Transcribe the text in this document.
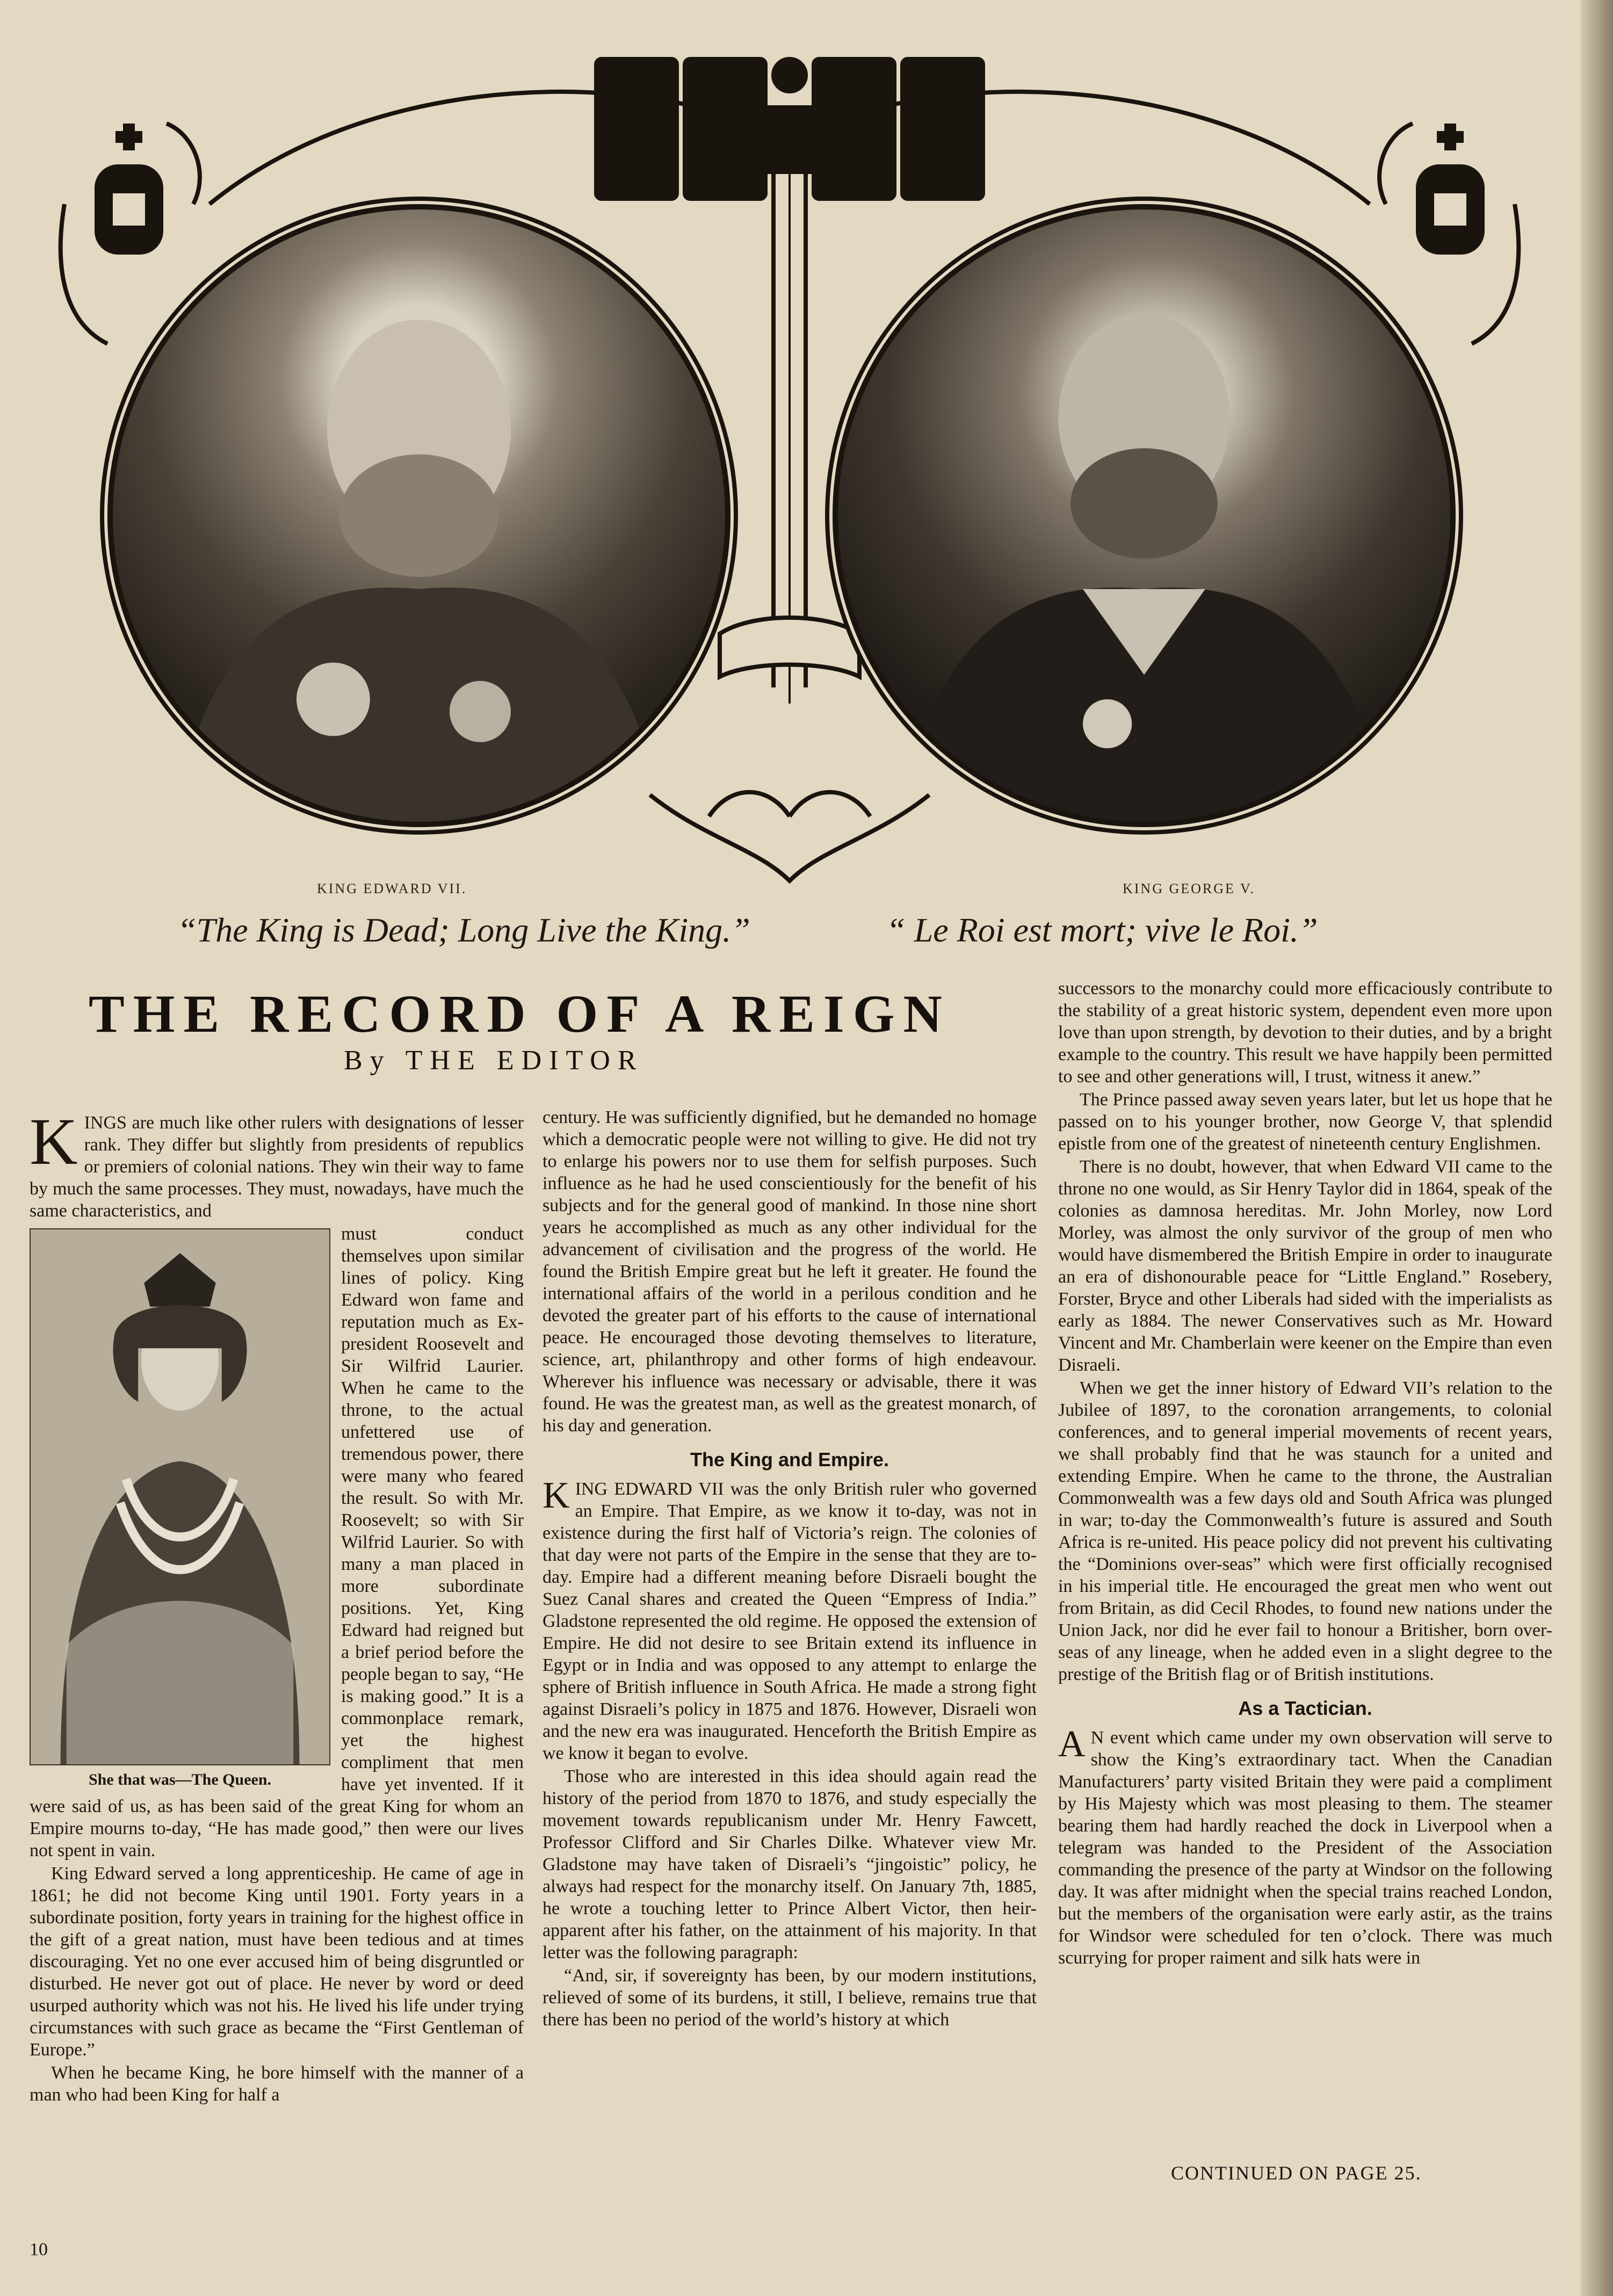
KING EDWARD VII.	KING GEORGE V.
“The King is Dead; Long Live the King.”	“ Le Roi est mort; vive le Roi.”
THE RECORD OF A REIGN
By THE EDITOR

K INGS are much like other rulers with designations of lesser rank. They differ but slightly from presidents of republics or premiers of colonial nations. They win their way to fame by much the same processes. They must, nowadays, have much the same characteristics, and

She that was—The Queen.

must conduct themselves upon similar lines of policy. King Edward won fame and reputation much as Ex-president Roosevelt and Sir Wilfrid Laurier. When he came to the throne, to the actual unfettered use of tremendous power, there were many who feared the result. So with Mr. Roosevelt; so with Sir Wilfrid Laurier. So with many a man placed in more subordinate positions. Yet, King Edward had reigned but a brief period before the people began to say, “He is making good.” It is a commonplace remark, yet the highest compliment that men have yet invented. If it were said of us, as has been said of the great King for whom an Empire mourns to-day, “He has made good,” then were our lives not spent in vain.

King Edward served a long apprenticeship. He came of age in 1861; he did not become King until 1901. Forty years in a subordinate position, forty years in training for the highest office in the gift of a great nation, must have been tedious and at times discouraging. Yet no one ever accused him of being disgruntled or disturbed. He never got out of place. He never by word or deed usurped authority which was not his. He lived his life under trying circumstances with such grace as became the “First Gentleman of Europe.”

When he became King, he bore himself with the manner of a man who had been King for half a

century. He was sufficiently dignified, but he demanded no homage which a democratic people were not willing to give. He did not try to enlarge his powers nor to use them for selfish purposes. Such influence as he had he used conscientiously for the benefit of his subjects and for the general good of mankind. In those nine short years he accomplished as much as any other individual for the advancement of civilisation and the progress of the world. He found the British Empire great but he left it greater. He found the international affairs of the world in a perilous condition and he devoted the greater part of his efforts to the cause of international peace. He encouraged those devoting themselves to literature, science, art, philanthropy and other forms of high endeavour. Wherever his influence was necessary or advisable, there it was found. He was the greatest man, as well as the greatest monarch, of his day and generation.

The King and Empire.

K ING EDWARD VII was the only British ruler who governed an Empire. That Empire, as we know it to-day, was not in existence during the first half of Victoria’s reign. The colonies of that day were not parts of the Empire in the sense that they are to-day. Empire had a different meaning before Disraeli bought the Suez Canal shares and created the Queen “Empress of India.” Gladstone represented the old regime. He opposed the extension of Empire. He did not desire to see Britain extend its influence in Egypt or in India and was opposed to any attempt to enlarge the sphere of British influence in South Africa. He made a strong fight against Disraeli’s policy in 1875 and 1876. However, Disraeli won and the new era was inaugurated. Henceforth the British Empire as we know it began to evolve.

Those who are interested in this idea should again read the history of the period from 1870 to 1876, and study especially the movement towards republicanism under Mr. Henry Fawcett, Professor Clifford and Sir Charles Dilke. Whatever view Mr. Gladstone may have taken of Disraeli’s “jingoistic” policy, he always had respect for the monarchy itself. On January 7th, 1885, he wrote a touching letter to Prince Albert Victor, then heir-apparent after his father, on the attainment of his majority. In that letter was the following paragraph:

“And, sir, if sovereignty has been, by our modern institutions, relieved of some of its burdens, it still, I believe, remains true that there has been no period of the world’s history at which

successors to the monarchy could more efficaciously contribute to the stability of a great historic system, dependent even more upon love than upon strength, by devotion to their duties, and by a bright example to the country. This result we have happily been permitted to see and other generations will, I trust, witness it anew.”

The Prince passed away seven years later, but let us hope that he passed on to his younger brother, now George V, that splendid epistle from one of the greatest of nineteenth century Englishmen.

There is no doubt, however, that when Edward VII came to the throne no one would, as Sir Henry Taylor did in 1864, speak of the colonies as damnosa hereditas. Mr. John Morley, now Lord Morley, was almost the only survivor of the group of men who would have dismembered the British Empire in order to inaugurate an era of dishonourable peace for “Little England.” Rosebery, Forster, Bryce and other Liberals had sided with the imperialists as early as 1884. The newer Conservatives such as Mr. Howard Vincent and Mr. Chamberlain were keener on the Empire than even Disraeli.

When we get the inner history of Edward VII’s relation to the Jubilee of 1897, to the coronation arrangements, to colonial conferences, and to general imperial movements of recent years, we shall probably find that he was staunch for a united and extending Empire. When he came to the throne, the Australian Commonwealth was a few days old and South Africa was plunged in war; to-day the Commonwealth’s future is assured and South Africa is re-united. His peace policy did not prevent his cultivating the “Dominions over-seas” which were first officially recognised in his imperial title. He encouraged the great men who went out from Britain, as did Cecil Rhodes, to found new nations under the Union Jack, nor did he ever fail to honour a Britisher, born over-seas of any lineage, when he added even in a slight degree to the prestige of the British flag or of British institutions.

As a Tactician.

A N event which came under my own observation will serve to show the King’s extraordinary tact. When the Canadian Manufacturers’ party visited Britain they were paid a compliment by His Majesty which was most pleasing to them. The steamer bearing them had hardly reached the dock in Liverpool when a telegram was handed to the President of the Association commanding the presence of the party at Windsor on the following day. It was after midnight when the special trains reached London, but the members of the organisation were early astir, as the trains for Windsor were scheduled for ten o’clock. There was much scurrying for proper raiment and silk hats were in

CONTINUED ON PAGE 25.
10
